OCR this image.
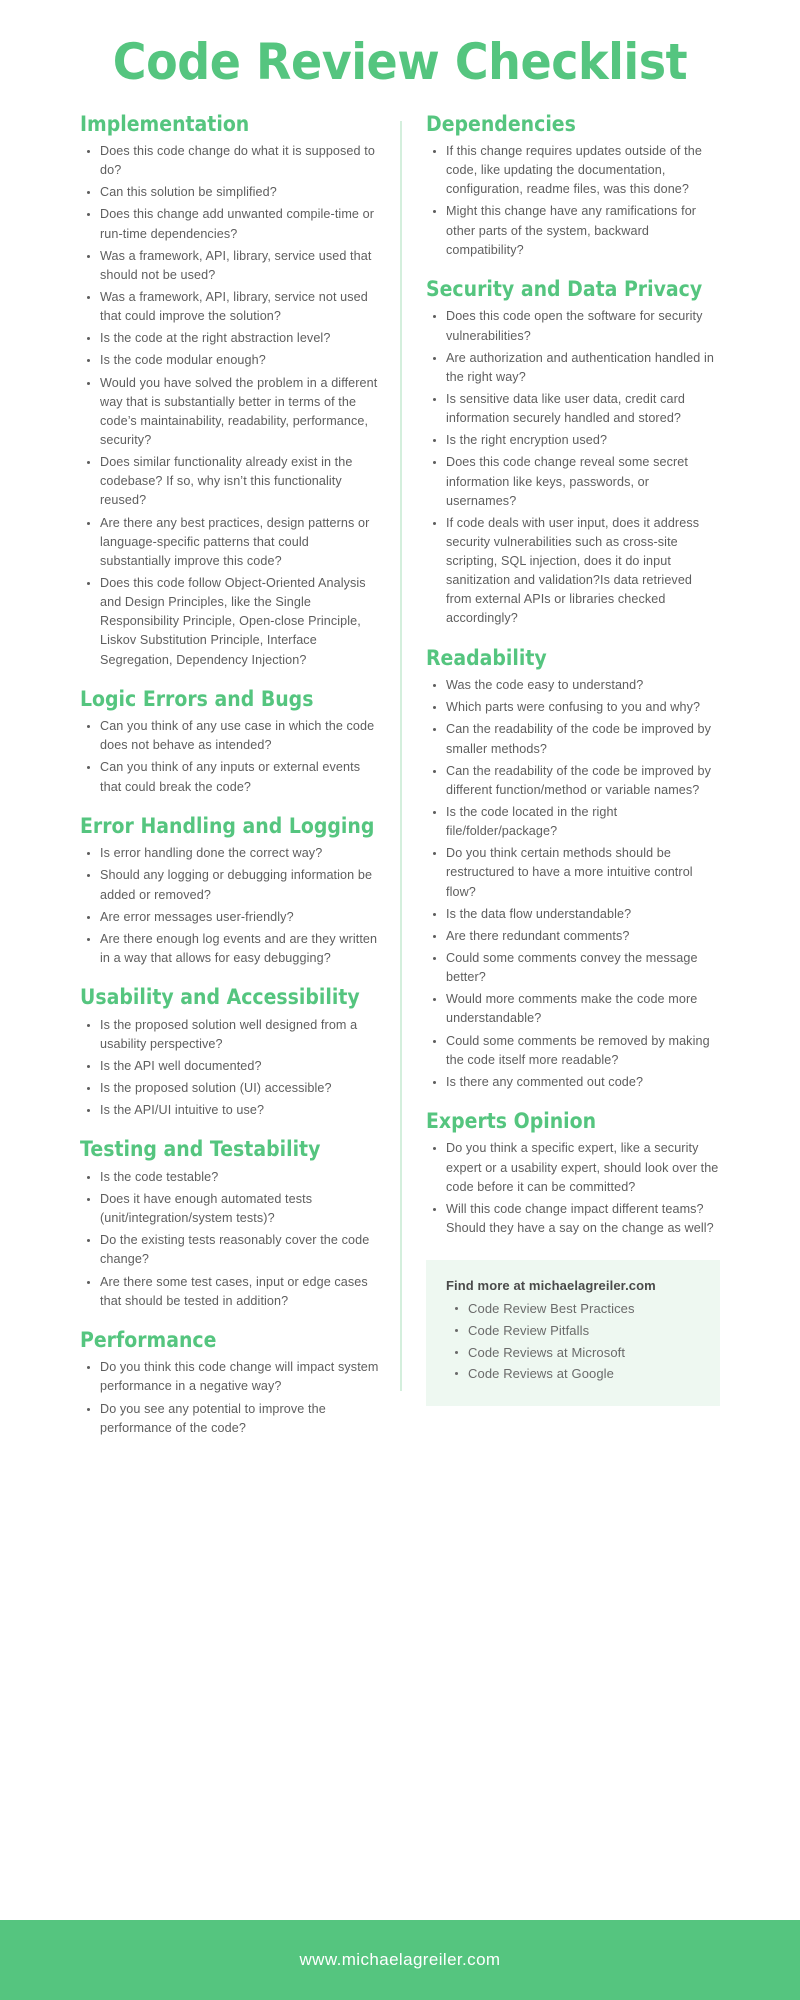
Code Review Checklist
Implementation
Does this code change do what it is supposed to do?
Can this solution be simplified?
Does this change add unwanted compile-time or run-time dependencies?
Was a framework, API, library, service used that should not be used?
Was a framework, API, library, service not used that could improve the solution?
Is the code at the right abstraction level?
Is the code modular enough?
Would you have solved the problem in a different way that is substantially better in terms of the code’s maintainability, readability, performance, security?
Does similar functionality already exist in the codebase? If so, why isn’t this functionality reused?
Are there any best practices, design patterns or language-specific patterns that could substantially improve this code?
Does this code follow Object-Oriented Analysis and Design Principles, like the Single Responsibility Principle, Open-close Principle, Liskov Substitution Principle, Interface Segregation, Dependency Injection?
Logic Errors and Bugs
Can you think of any use case in which the code does not behave as intended?
Can you think of any inputs or external events that could break the code?
Error Handling and Logging
Is error handling done the correct way?
Should any logging or debugging information be added or removed?
Are error messages user-friendly?
Are there enough log events and are they written in a way that allows for easy debugging?
Usability and Accessibility
Is the proposed solution well designed from a usability perspective?
Is the API well documented?
Is the proposed solution (UI) accessible?
Is the API/UI intuitive to use?
Testing and Testability
Is the code testable?
Does it have enough automated tests (unit/integration/system tests)?
Do the existing tests reasonably cover the code change?
Are there some test cases, input or edge cases that should be tested in addition?
Performance
Do you think this code change will impact system performance in a negative way?
Do you see any potential to improve the performance of the code?
Dependencies
If this change requires updates outside of the code, like updating the documentation, configuration, readme files, was this done?
Might this change have any ramifications for other parts of the system, backward compatibility?
Security and Data Privacy
Does this code open the software for security vulnerabilities?
Are authorization and authentication handled in the right way?
Is sensitive data like user data, credit card information securely handled and stored?
Is the right encryption used?
Does this code change reveal some secret information like keys, passwords, or usernames?
If code deals with user input, does it address security vulnerabilities such as cross-site scripting, SQL injection, does it do input sanitization and validation?Is data retrieved from external APIs or libraries checked accordingly?
Readability
Was the code easy to understand?
Which parts were confusing to you and why?
Can the readability of the code be improved by smaller methods?
Can the readability of the code be improved by different function/method or variable names?
Is the code located in the right file/folder/package?
Do you think certain methods should be restructured to have a more intuitive control flow?
Is the data flow understandable?
Are there redundant comments?
Could some comments convey the message better?
Would more comments make the code more understandable?
Could some comments be removed by making the code itself more readable?
Is there any commented out code?
Experts Opinion
Do you think a specific expert, like a security expert or a usability expert, should look over the code before it can be committed?
Will this code change impact different teams? Should they have a say on the change as well?
Find more at michaelagreiler.com
Code Review Best Practices
Code Review Pitfalls
Code Reviews at Microsoft
Code Reviews at Google
www.michaelagreiler.com
